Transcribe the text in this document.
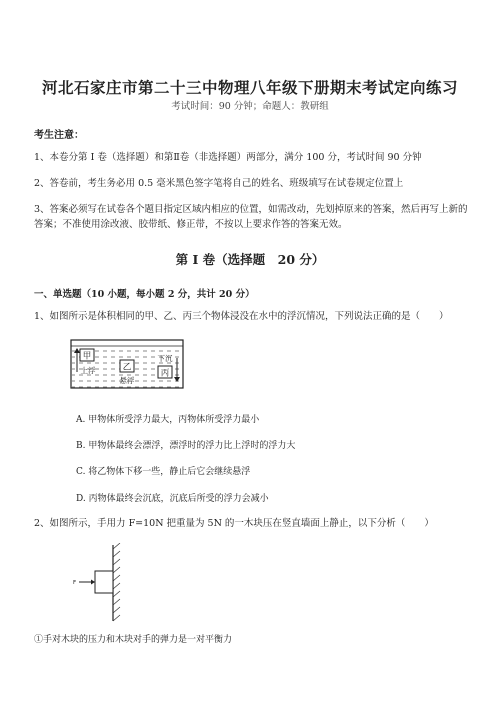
河北石家庄市第二十三中物理八年级下册期末考试定向练习
考试时间：90 分钟；命题人：教研组
考生注意：
1、本卷分第 I 卷（选择题）和第Ⅱ卷（非选择题）两部分，满分 100 分，考试时间 90 分钟
2、答卷前，考生务必用 0.5 毫米黑色签字笔将自己的姓名、班级填写在试卷规定位置上
3、答案必须写在试卷各个题目指定区域内相应的位置，如需改动，先划掉原来的答案，然后再写上新的答案；不准使用涂改液、胶带纸、修正带，不按以上要求作答的答案无效。
第 I 卷（选择题　20 分）
一、单选题（10 小题，每小题 2 分，共计 20 分）
1、如图所示是体积相同的甲、乙、丙三个物体浸没在水中的浮沉情况，下列说法正确的是（　　）
甲
上浮	乙
悬浮
下沉
丙
A. 甲物体所受浮力最大，丙物体所受浮力最小
B. 甲物体最终会漂浮，漂浮时的浮力比上浮时的浮力大
C. 将乙物体下移一些，静止后它会继续悬浮
D. 丙物体最终会沉底，沉底后所受的浮力会减小
2、如图所示，手用力 F=10N 把重量为 5N 的一木块压在竖直墙面上静止，以下分析（　　）
F
①手对木块的压力和木块对手的弹力是一对平衡力
